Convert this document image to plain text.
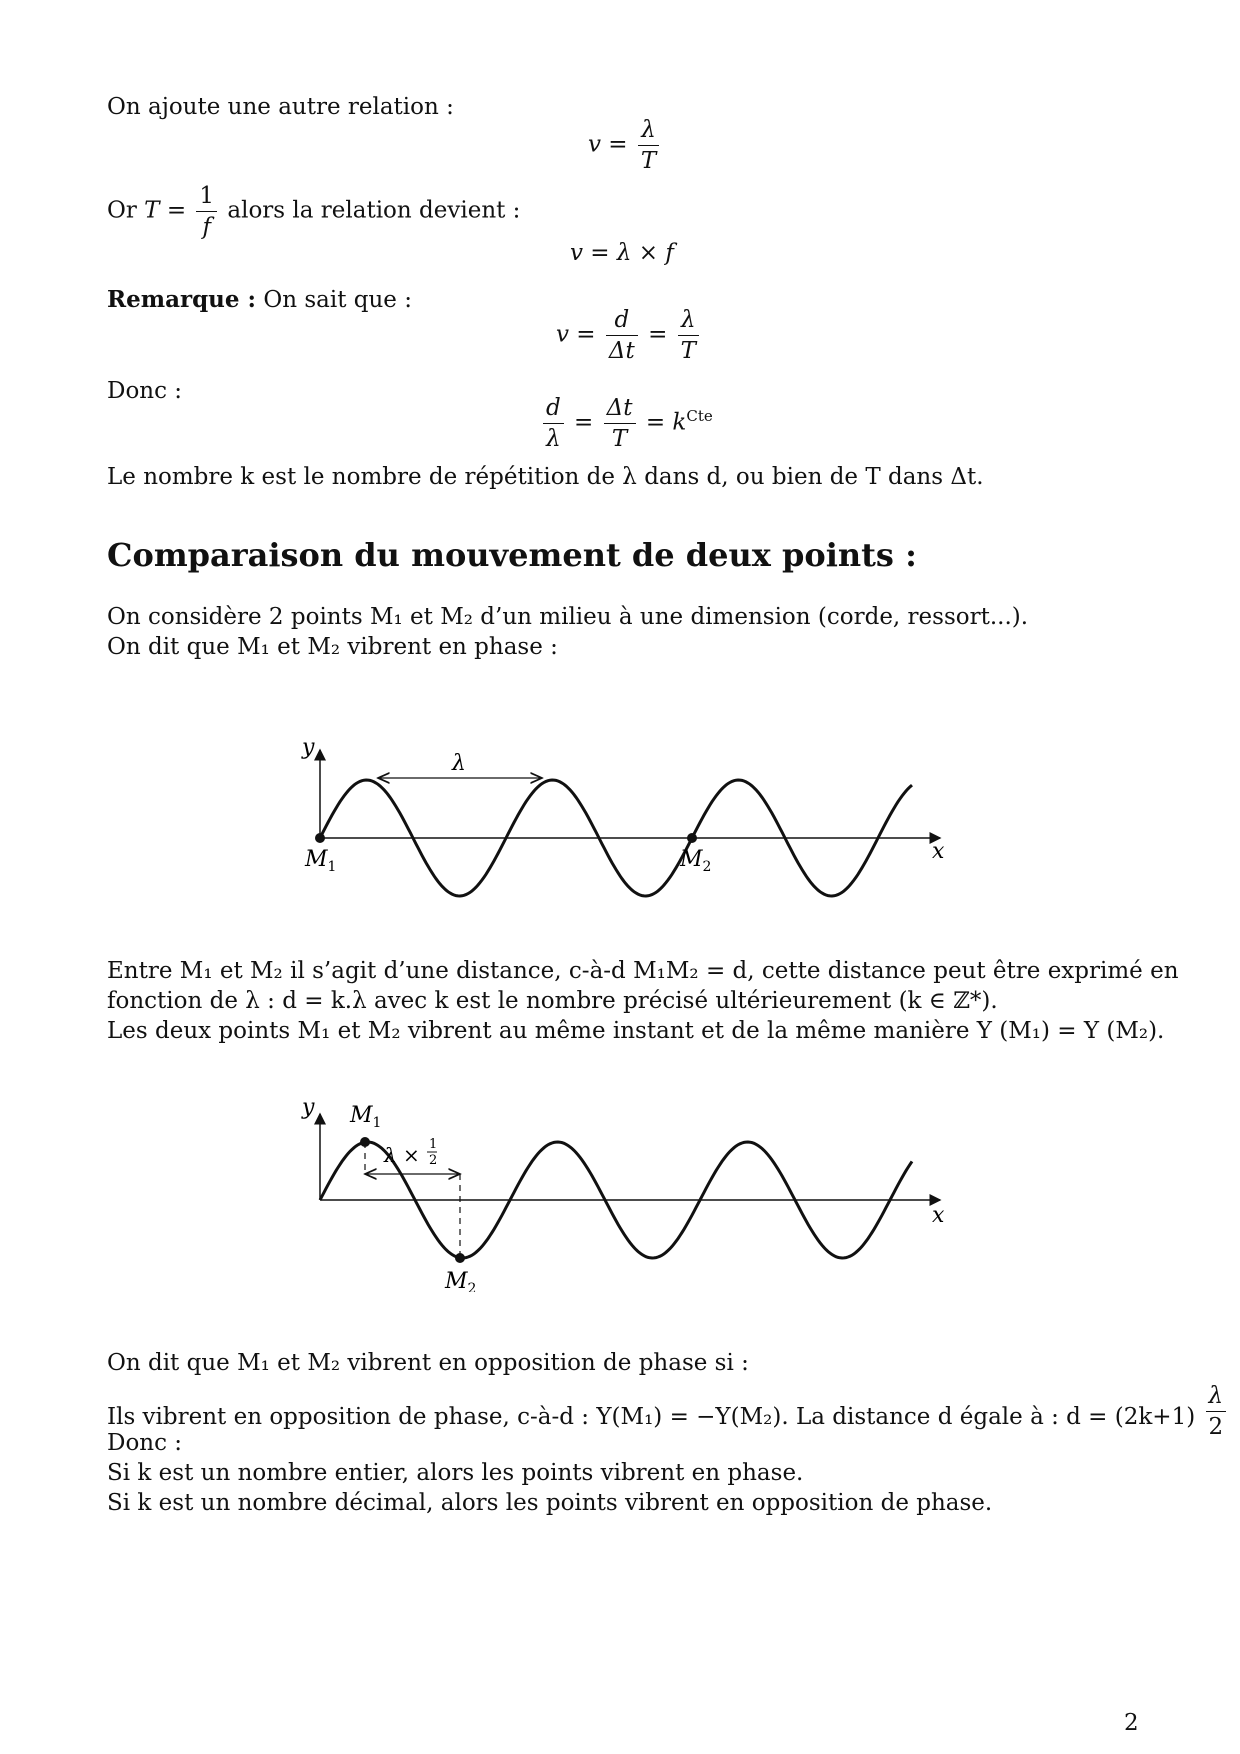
On ajoute une autre relation :
$v = \frac{\lambda}{T}$
Or $T = \frac{1}{f}$ alors la relation devient :
v = λ × f
Remarque : On sait que :
$v = \frac{d}{\Delta t} = \frac{\lambda}{T}$
Donc :
$\frac{d}{\lambda} = \frac{\Delta t}{T} = k^{Cte}$
Le nombre k est le nombre de répétition de λ dans d, ou bien de T dans Δt.
Comparaison du mouvement de deux points :
On considère 2 points M₁ et M₂ d’un milieu à une dimension (corde, ressort...).
On dit que M₁ et M₂ vibrent en phase :
y
x
λ
$M_1$	$M_2$
Entre M₁ et M₂ il s’agit d’une distance, c-à-d M₁M₂ = d, cette distance peut être exprimé en
fonction de λ : d = k.λ avec k est le nombre précisé ultérieurement (k ∈ ℤ*).
Les deux points M₁ et M₂ vibrent au même instant et de la même manière Y (M₁) = Y (M₂).
y
x
$M_1$
$M_2$
λ × 1
2
On dit que M₁ et M₂ vibrent en opposition de phase si :
Ils vibrent en opposition de phase, c-à-d : Y(M₁) = −Y(M₂). La distance d égale à : $d = (2k+1) \frac{\lambda}{2}$
Donc :
Si k est un nombre entier, alors les points vibrent en phase.
Si k est un nombre décimal, alors les points vibrent en opposition de phase.
2
